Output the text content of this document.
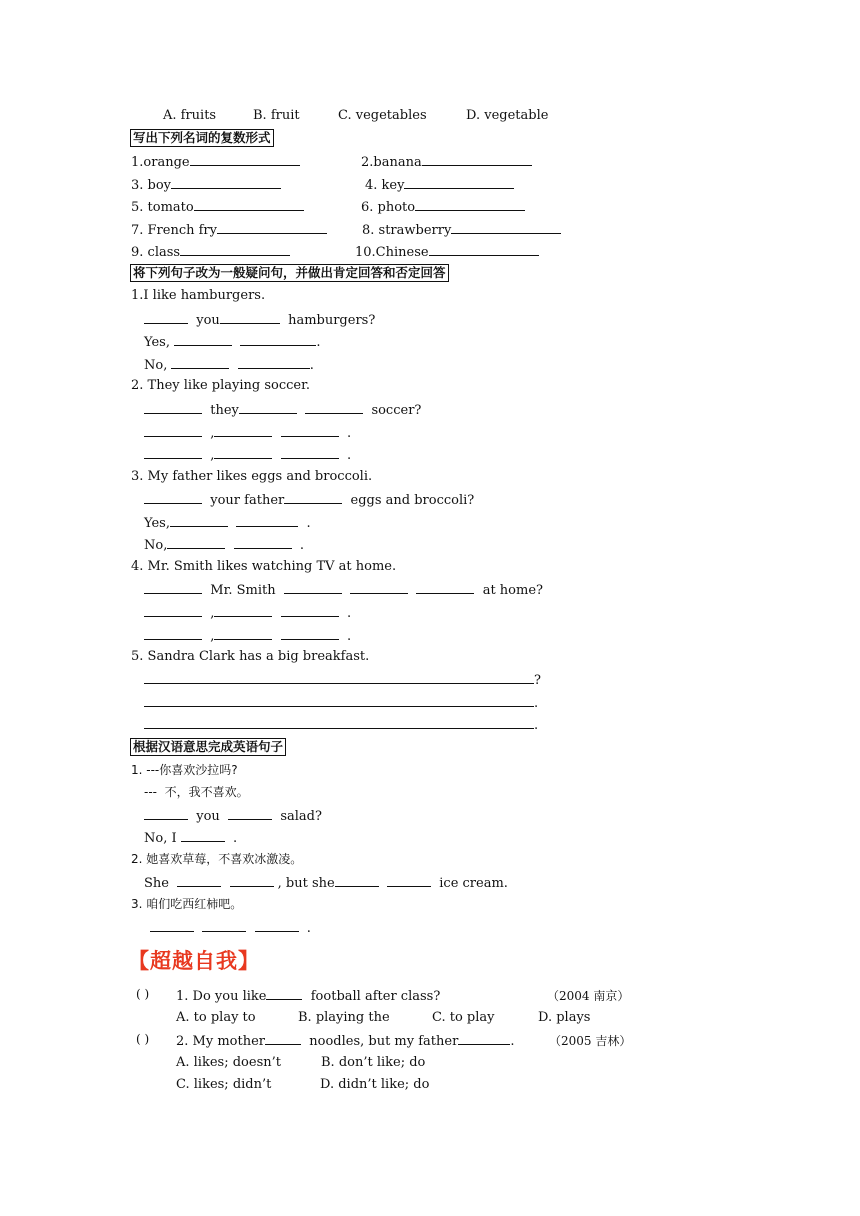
A. fruits	B. fruit	C. vegetables	D. vegetable
写出下列名词的复数形式
1.orange	2.banana
3. boy	4. key
5. tomato	6. photo
7. French fry	8. strawberry
9. class	10.Chinese
将下列句子改为一般疑问句，并做出肯定回答和否定回答
1.I like hamburgers.
you	hamburgers?
Yes,	.
No,	.
2. They like playing soccer.
they	soccer?
,	.
,	.
3. My father likes eggs and broccoli.
your father	eggs and broccoli?
Yes,	.
No,	.
4. Mr. Smith likes watching TV at home.
Mr. Smith	at home?
,	.
,	.
5. Sandra Clark has a big breakfast.
?
.
.
根据汉语意思完成英语句子
1. ---你喜欢沙拉吗?
---  不，我不喜欢。
you	salad?
No, I	.
2. 她喜欢草莓，不喜欢冰激凌。
She	, but she	ice cream.
3. 咱们吃西红柿吧。
.
【超越自我】
( ) 1. Do you like	football after class?	（2004 南京）
A. to play to	B. playing the	C. to play	D. plays
( ) 2. My mother	noodles, but my father	.	（2005 吉林）
A. likes; doesn’t	B. don’t like; do
C. likes; didn’t	D. didn’t like; do
